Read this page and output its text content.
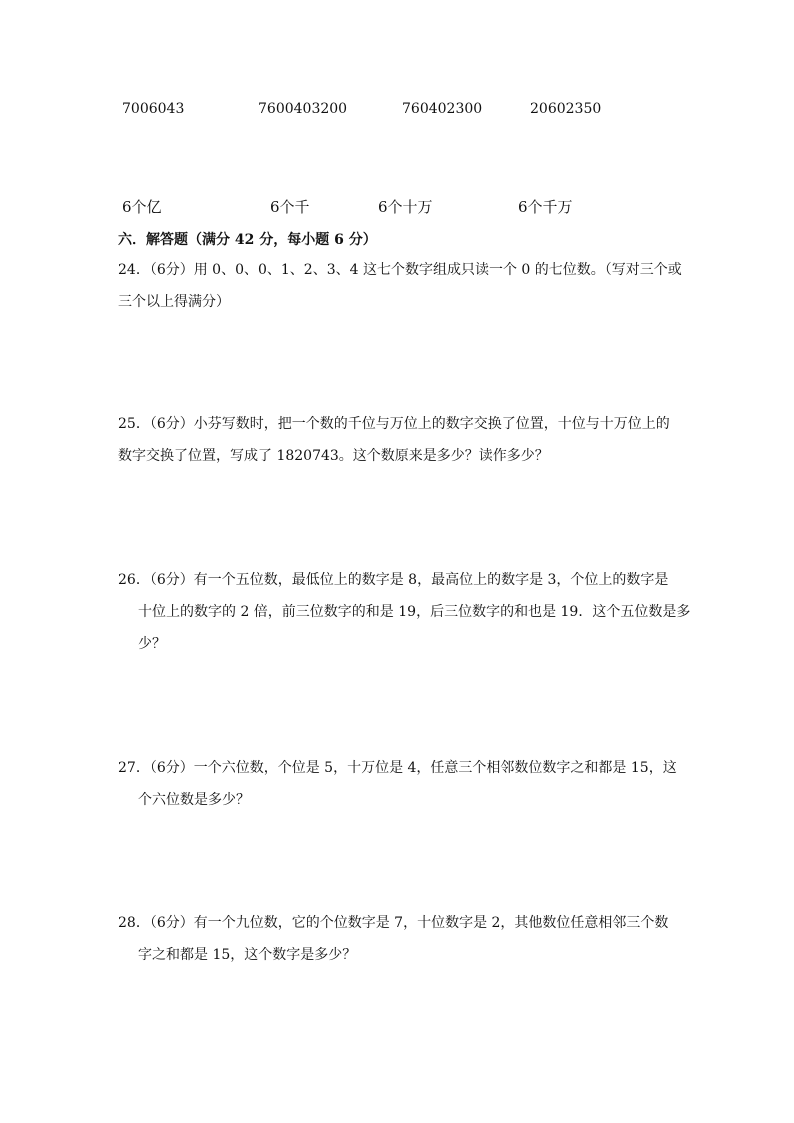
7006043	7600403200	760402300	20602350
6个亿	6个千	6个十万	6个千万
六．解答题（满分 42 分，每小题 6 分）
24．（6分）用 0、0、0、1、2、3、4 这七个数字组成只读一个 0 的七位数。（写对三个或
三个以上得满分）
25．（6分）小芬写数时，把一个数的千位与万位上的数字交换了位置，十位与十万位上的
数字交换了位置，写成了 1820743。这个数原来是多少？读作多少？
26．（6分）有一个五位数，最低位上的数字是 8，最高位上的数字是 3，个位上的数字是
十位上的数字的 2 倍，前三位数字的和是 19，后三位数字的和也是 19．这个五位数是多
少？
27．（6分）一个六位数，个位是 5，十万位是 4，任意三个相邻数位数字之和都是 15，这
个六位数是多少？
28．（6分）有一个九位数，它的个位数字是 7，十位数字是 2，其他数位任意相邻三个数
字之和都是 15，这个数字是多少？
